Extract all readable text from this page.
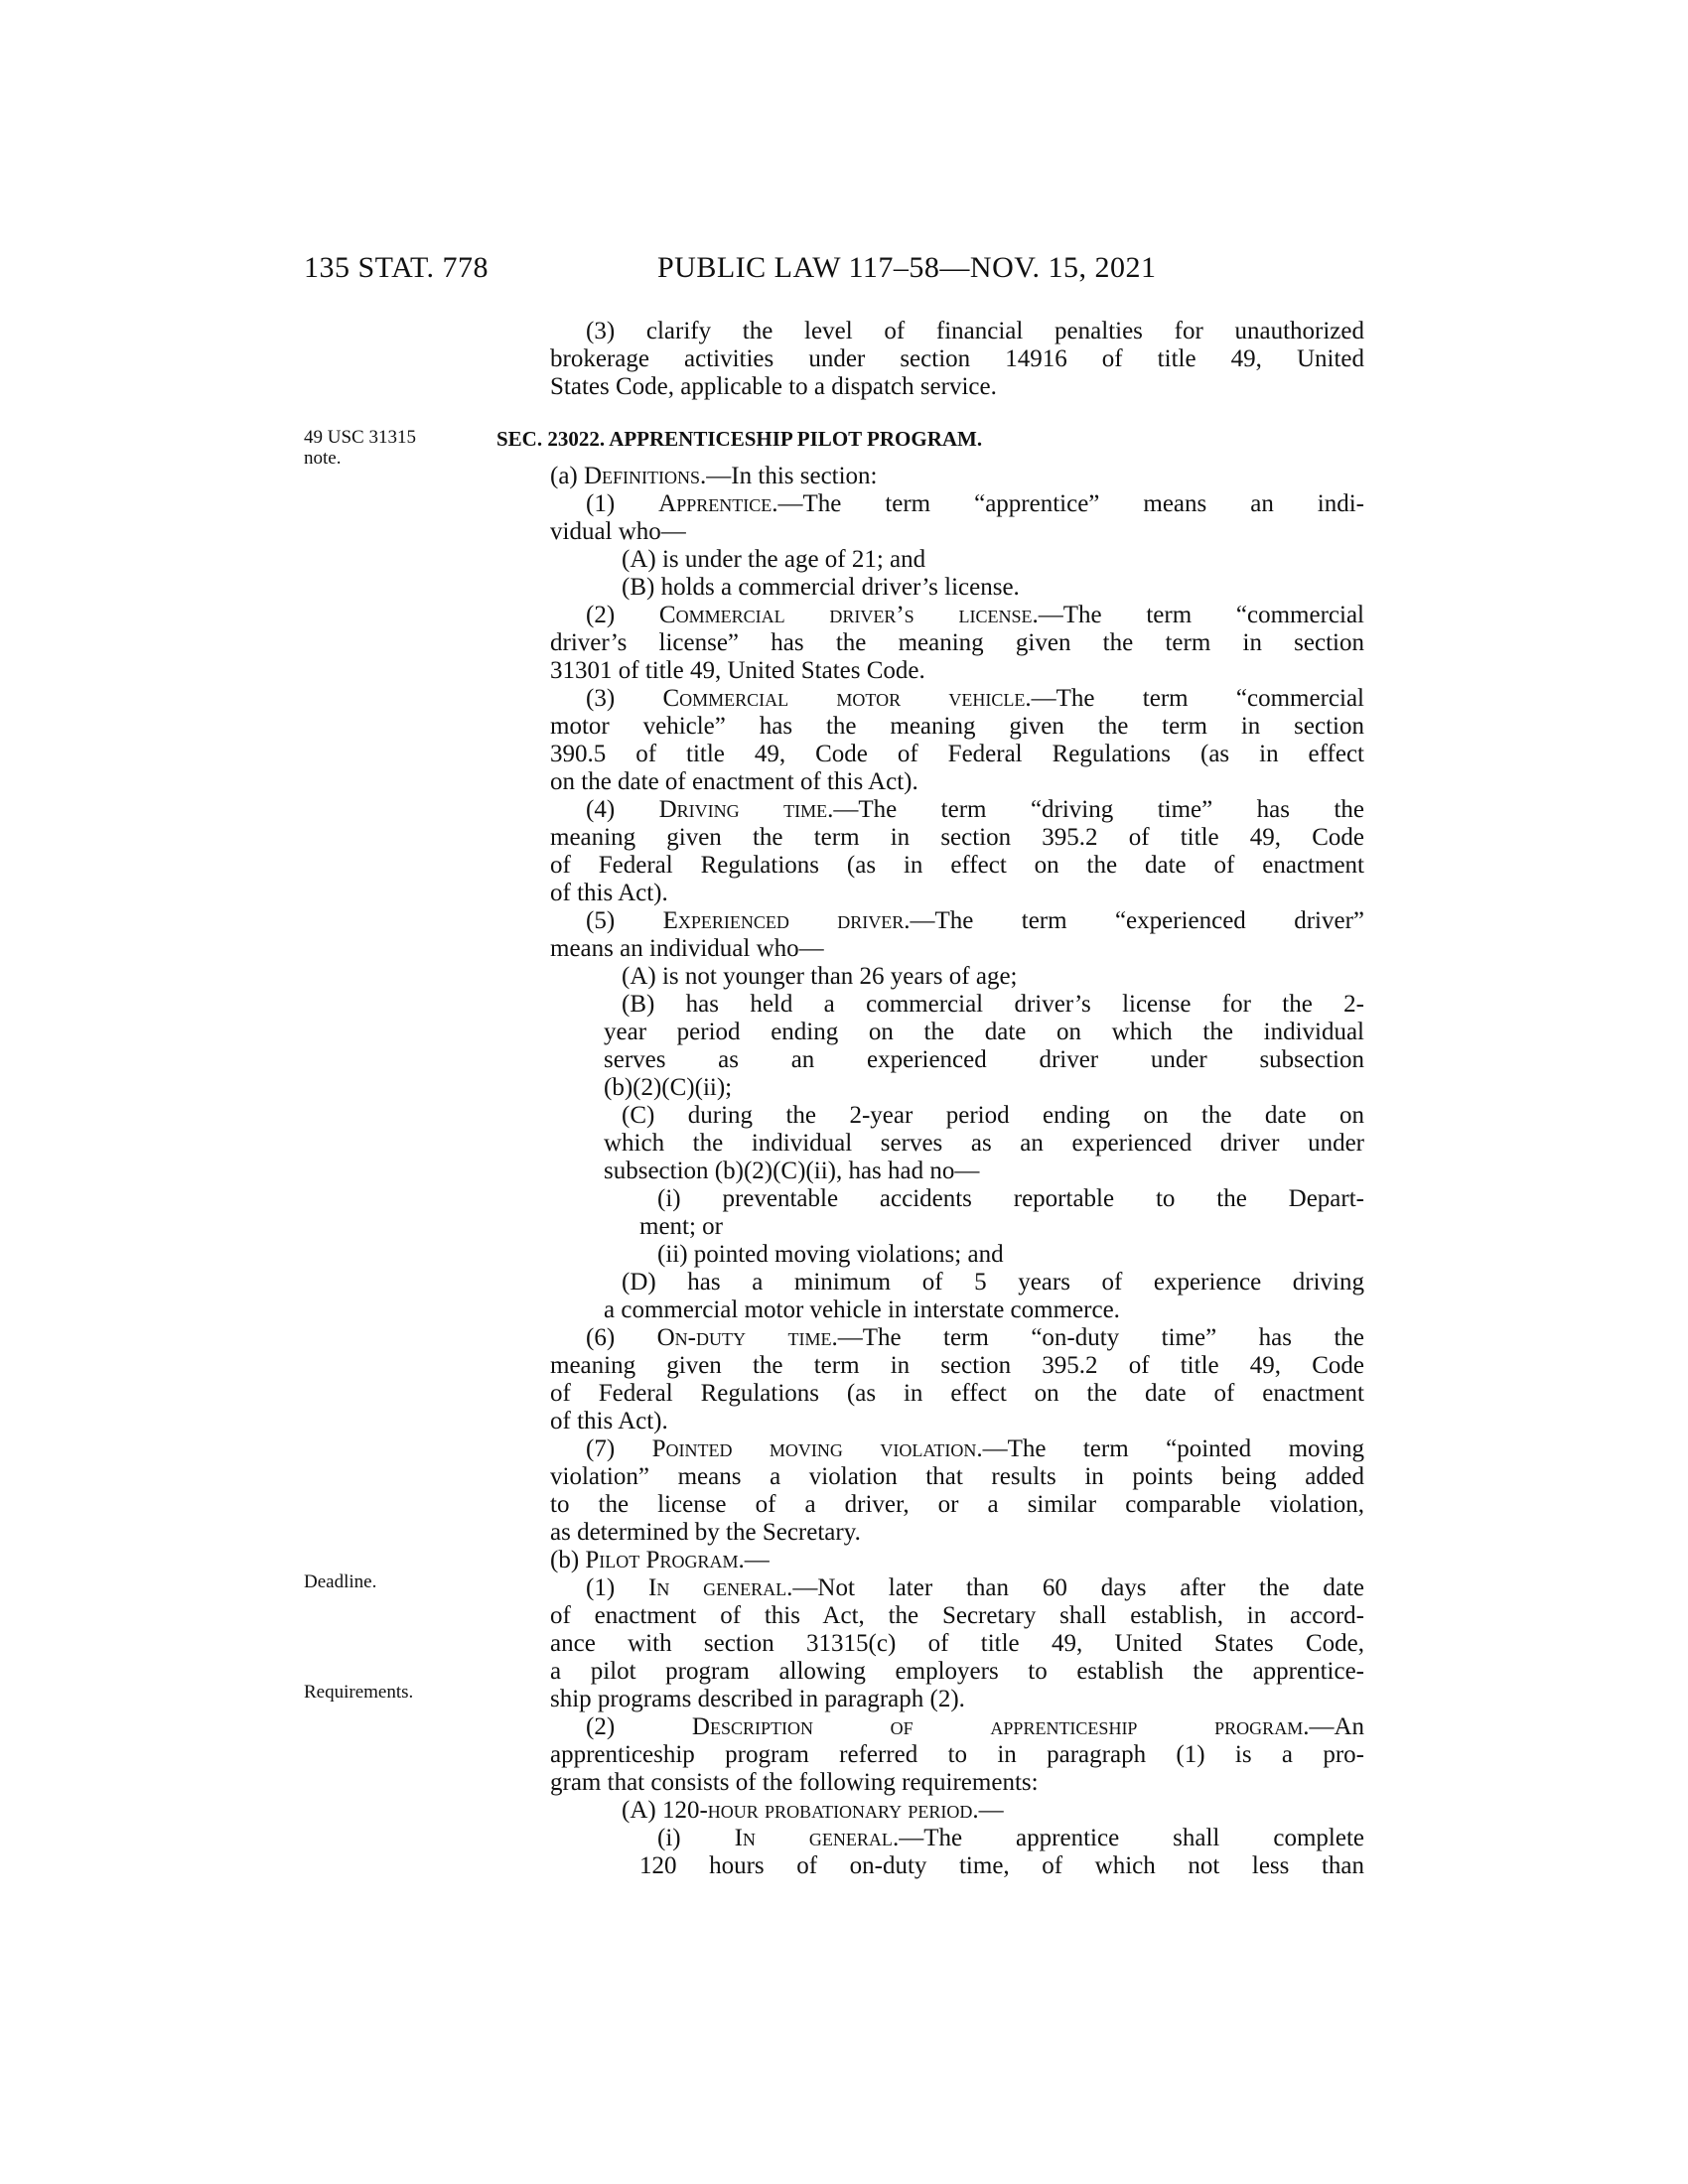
135 STAT. 778	PUBLIC LAW 117–58—NOV. 15, 2021
49 USC 31315
note.
Deadline.
Requirements.
SEC. 23022. APPRENTICESHIP PILOT PROGRAM.

(3) clarify the level of financial penalties for unauthorized

brokerage activities under section 14916 of title 49, United

States Code, applicable to a dispatch service.

(a) Definitions.—In this section:

(1) Apprentice.—The term “apprentice” means an indi-

vidual who—

(A) is under the age of 21; and

(B) holds a commercial driver’s license.

(2) Commercial driver’s license.—The term “commercial

driver’s license” has the meaning given the term in section

31301 of title 49, United States Code.

(3) Commercial motor vehicle.—The term “commercial

motor vehicle” has the meaning given the term in section

390.5 of title 49, Code of Federal Regulations (as in effect

on the date of enactment of this Act).

(4) Driving time.—The term “driving time” has the

meaning given the term in section 395.2 of title 49, Code

of Federal Regulations (as in effect on the date of enactment

of this Act).

(5) Experienced driver.—The term “experienced driver”

means an individual who—

(A) is not younger than 26 years of age;

(B) has held a commercial driver’s license for the 2-

year period ending on the date on which the individual

serves as an experienced driver under subsection

(b)(2)(C)(ii);

(C) during the 2-year period ending on the date on

which the individual serves as an experienced driver under

subsection (b)(2)(C)(ii), has had no—

(i) preventable accidents reportable to the Depart-

ment; or

(ii) pointed moving violations; and

(D) has a minimum of 5 years of experience driving

a commercial motor vehicle in interstate commerce.

(6) On-duty time.—The term “on-duty time” has the

meaning given the term in section 395.2 of title 49, Code

of Federal Regulations (as in effect on the date of enactment

of this Act).

(7) Pointed moving violation.—The term “pointed moving

violation” means a violation that results in points being added

to the license of a driver, or a similar comparable violation,

as determined by the Secretary.

(b) Pilot Program.—

(1) In general.—Not later than 60 days after the date

of enactment of this Act, the Secretary shall establish, in accord-

ance with section 31315(c) of title 49, United States Code,

a pilot program allowing employers to establish the apprentice-

ship programs described in paragraph (2).

(2) Description of apprenticeship program.—An

apprenticeship program referred to in paragraph (1) is a pro-

gram that consists of the following requirements:

(A) 120-hour probationary period.—

(i) In general.—The apprentice shall complete

120 hours of on-duty time, of which not less than
